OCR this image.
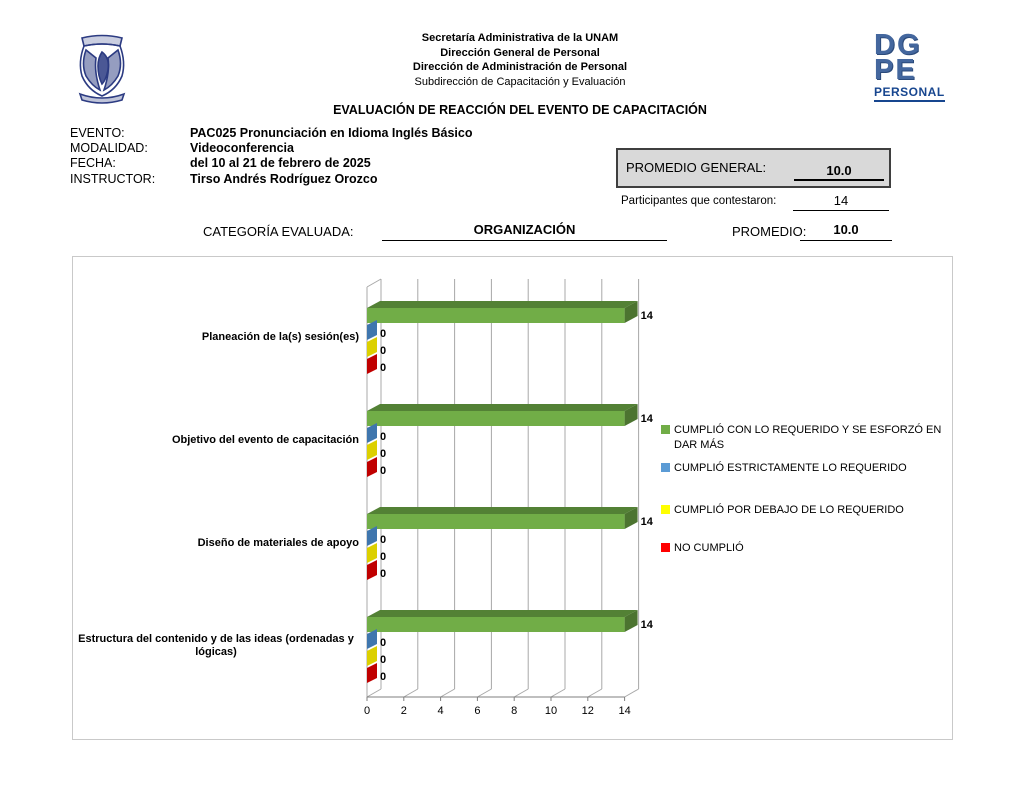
Secretaría Administrativa de la UNAM
Dirección General de Personal
Dirección de Administración de Personal
Subdirección de Capacitación y Evaluación
DG
PE
PERSONAL
EVALUACIÓN DE REACCIÓN DEL EVENTO DE CAPACITACIÓN
EVENTO:	PAC025 Pronunciación en Idioma Inglés Básico
MODALIDAD:	Videoconferencia
FECHA:	del 10 al 21 de febrero de 2025
INSTRUCTOR:	Tirso Andrés Rodríguez Orozco
PROMEDIO GENERAL:	10.0
Participantes que contestaron:	14
CATEGORÍA EVALUADA:	ORGANIZACIÓN	PROMEDIO:	10.0
0	2	4	6	8	10 12 14
14
0
0
0
14
0
0
0
14
0
0
0
14
0
0
0
Planeación de la(s) sesión(es)
Objetivo del evento de capacitación
Diseño de materiales de apoyo
Estructura del contenido y de las ideas (ordenadas y lógicas)
CUMPLIÓ CON LO REQUERIDO Y SE ESFORZÓ EN DAR MÁS
CUMPLIÓ ESTRICTAMENTE LO REQUERIDO
CUMPLIÓ POR DEBAJO DE LO REQUERIDO
NO CUMPLIÓ
